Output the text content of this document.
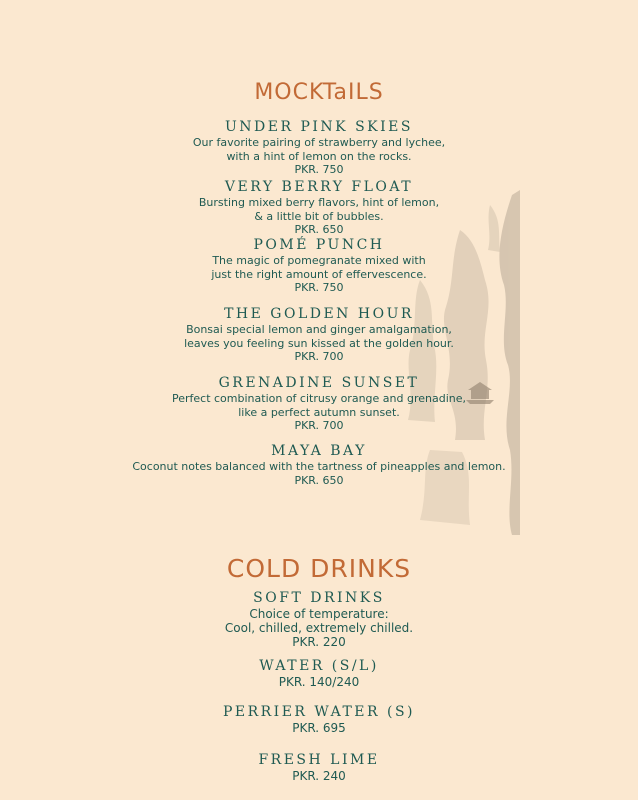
MOCKTaILS
UNDER PINK SKIES
Our favorite pairing of strawberry and lychee,
with a hint of lemon on the rocks.
PKR. 750
VERY BERRY FLOAT
Bursting mixed berry flavors, hint of lemon,
& a little bit of bubbles.
PKR. 650
POMÉ PUNCH
The magic of pomegranate mixed with
just the right amount of effervescence.
PKR. 750
THE GOLDEN HOUR
Bonsai special lemon and ginger amalgamation,
leaves you feeling sun kissed at the golden hour.
PKR. 700
GRENADINE SUNSET
Perfect combination of citrusy orange and grenadine,
like a perfect autumn sunset.
PKR. 700
MAYA BAY
Coconut notes balanced with the tartness of pineapples and lemon.
PKR. 650
COLD DRINKS
SOFT DRINKS
Choice of temperature:
Cool, chilled, extremely chilled.
PKR. 220
WATER (S/L)
PKR. 140/240
PERRIER WATER (S)
PKR. 695
FRESH LIME
PKR. 240
